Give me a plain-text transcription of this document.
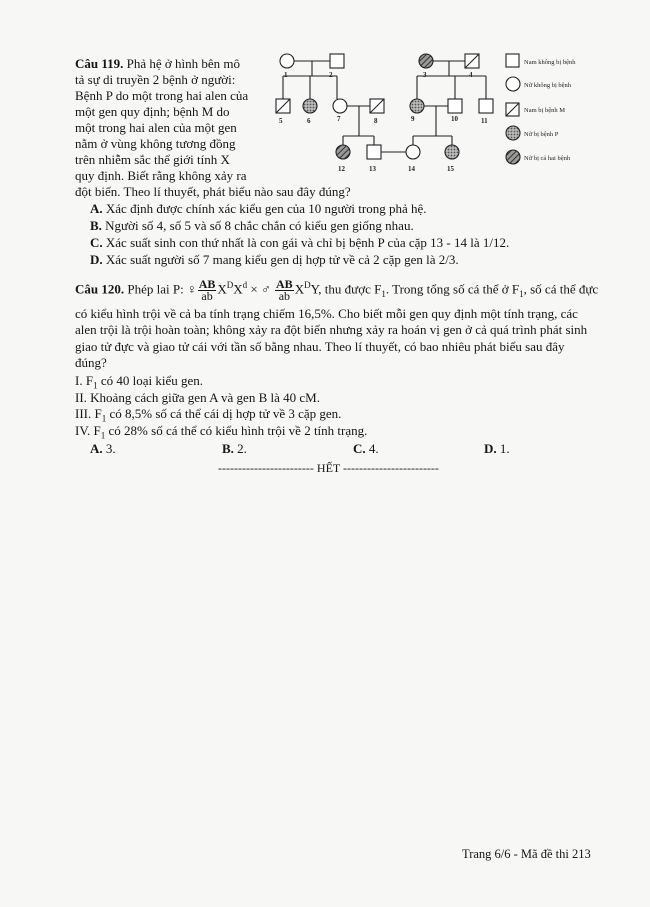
Câu 119. Phả hệ ở hình bên mô
tả sự di truyền 2 bệnh ở người:
Bệnh P do một trong hai alen của
một gen quy định; bệnh M do
một trong hai alen của một gen
nằm ở vùng không tương đồng
trên nhiễm sắc thể giới tính X
quy định. Biết rằng không xảy ra
đột biến. Theo lí thuyết, phát biểu nào sau đây đúng?
A. Xác định được chính xác kiểu gen của 10 người trong phả hệ.
B. Người số 4, số 5 và số 8 chắc chắn có kiểu gen giống nhau.
C. Xác suất sinh con thứ nhất là con gái và chỉ bị bệnh P của cặp 13 - 14 là 1/12.
D. Xác suất người số 7 mang kiểu gen dị hợp tử về cả 2 cặp gen là 2/3.
1	2	3	4
5	6	7	8	9	10	11
12	13	14	15
Nam không bị bệnh
Nữ không bị bệnh
Nam bị bệnh M
Nữ bị bệnh P
Nữ bị cả hai bệnh
Câu 120. Phép lai P: ♀ $\frac{AB}{ab} X^DX^d$ × ♂ $\frac{AB}{ab} X^DY$, thu được $F_1$. Trong tổng số cá thể ở $F_1$, số cá thể đực
có kiểu hình trội về cả ba tính trạng chiếm 16,5%. Cho biết mỗi gen quy định một tính trạng, các
alen trội là trội hoàn toàn; không xảy ra đột biến nhưng xảy ra hoán vị gen ở cả quá trình phát sinh
giao tử đực và giao tử cái với tần số bằng nhau. Theo lí thuyết, có bao nhiêu phát biểu sau đây
đúng?
I. $F_1$ có 40 loại kiểu gen.
II. Khoảng cách giữa gen A và gen B là 40 cM.
III. $F_1$ có 8,5% số cá thể cái dị hợp tử về 3 cặp gen.
IV. $F_1$ có 28% số cá thể có kiểu hình trội về 2 tính trạng.
A. 3.	B. 2.	C. 4.	D. 1.
------------------------ HẾT ------------------------
Trang 6/6 - Mã đề thi 213
